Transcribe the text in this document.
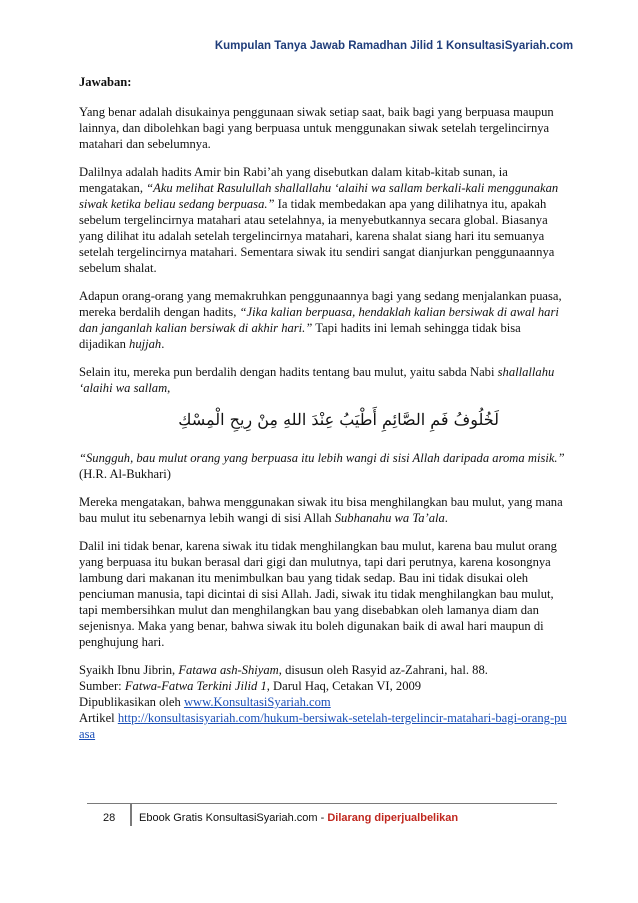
Kumpulan Tanya Jawab Ramadhan Jilid 1 KonsultasiSyariah.com

Jawaban:

Yang benar adalah disukainya penggunaan siwak setiap saat, baik bagi yang berpuasa maupun lainnya, dan dibolehkan bagi yang berpuasa untuk menggunakan siwak setelah tergelincirnya matahari dan sebelumnya.

Dalilnya adalah hadits Amir bin Rabi’ah yang disebutkan dalam kitab-kitab sunan, ia mengatakan, “Aku melihat Rasulullah shallallahu ‘alaihi wa sallam berkali-kali menggunakan siwak ketika beliau sedang berpuasa.” Ia tidak membedakan apa yang dilihatnya itu, apakah sebelum tergelincirnya matahari atau setelahnya, ia menyebutkannya secara global. Biasanya yang dilihat itu adalah setelah tergelincirnya matahari, karena shalat siang hari itu semuanya setelah tergelincirnya matahari. Sementara siwak itu sendiri sangat dianjurkan penggunaannya sebelum shalat.

Adapun orang-orang yang memakruhkan penggunaannya bagi yang sedang menjalankan puasa, mereka berdalih dengan hadits, “Jika kalian berpuasa, hendaklah kalian bersiwak di awal hari dan janganlah kalian bersiwak di akhir hari.” Tapi hadits ini lemah sehingga tidak bisa dijadikan hujjah.

Selain itu, mereka pun berdalih dengan hadits tentang bau mulut, yaitu sabda Nabi shallallahu ‘alaihi wa sallam,

لَخُلُوفُ فَمِ الصَّائِمِ أَطْيَبُ عِنْدَ اللهِ مِنْ رِيحِ الْمِسْكِ

“Sungguh, bau mulut orang yang berpuasa itu lebih wangi di sisi Allah daripada aroma misik.” (H.R. Al-Bukhari)

Mereka mengatakan, bahwa menggunakan siwak itu bisa menghilangkan bau mulut, yang mana bau mulut itu sebenarnya lebih wangi di sisi Allah Subhanahu wa Ta’ala.

Dalil ini tidak benar, karena siwak itu tidak menghilangkan bau mulut, karena bau mulut orang yang berpuasa itu bukan berasal dari gigi dan mulutnya, tapi dari perutnya, karena kosongnya lambung dari makanan itu menimbulkan bau yang tidak sedap. Bau ini tidak disukai oleh penciuman manusia, tapi dicintai di sisi Allah. Jadi, siwak itu tidak menghilangkan bau mulut, tapi membersihkan mulut dan menghilangkan bau yang disebabkan oleh lamanya diam dan sejenisnya. Maka yang benar, bahwa siwak itu boleh digunakan baik di awal hari maupun di penghujung hari.

Syaikh Ibnu Jibrin, Fatawa ash-Shiyam, disusun oleh Rasyid az-Zahrani, hal. 88.
Sumber: Fatwa-Fatwa Terkini Jilid 1, Darul Haq, Cetakan VI, 2009
Dipublikasikan oleh www.KonsultasiSyariah.com
Artikel http://konsultasisyariah.com/hukum-bersiwak-setelah-tergelincir-matahari-bagi-orang-puasa

28 Ebook Gratis KonsultasiSyariah.com - Dilarang diperjualbelikan
